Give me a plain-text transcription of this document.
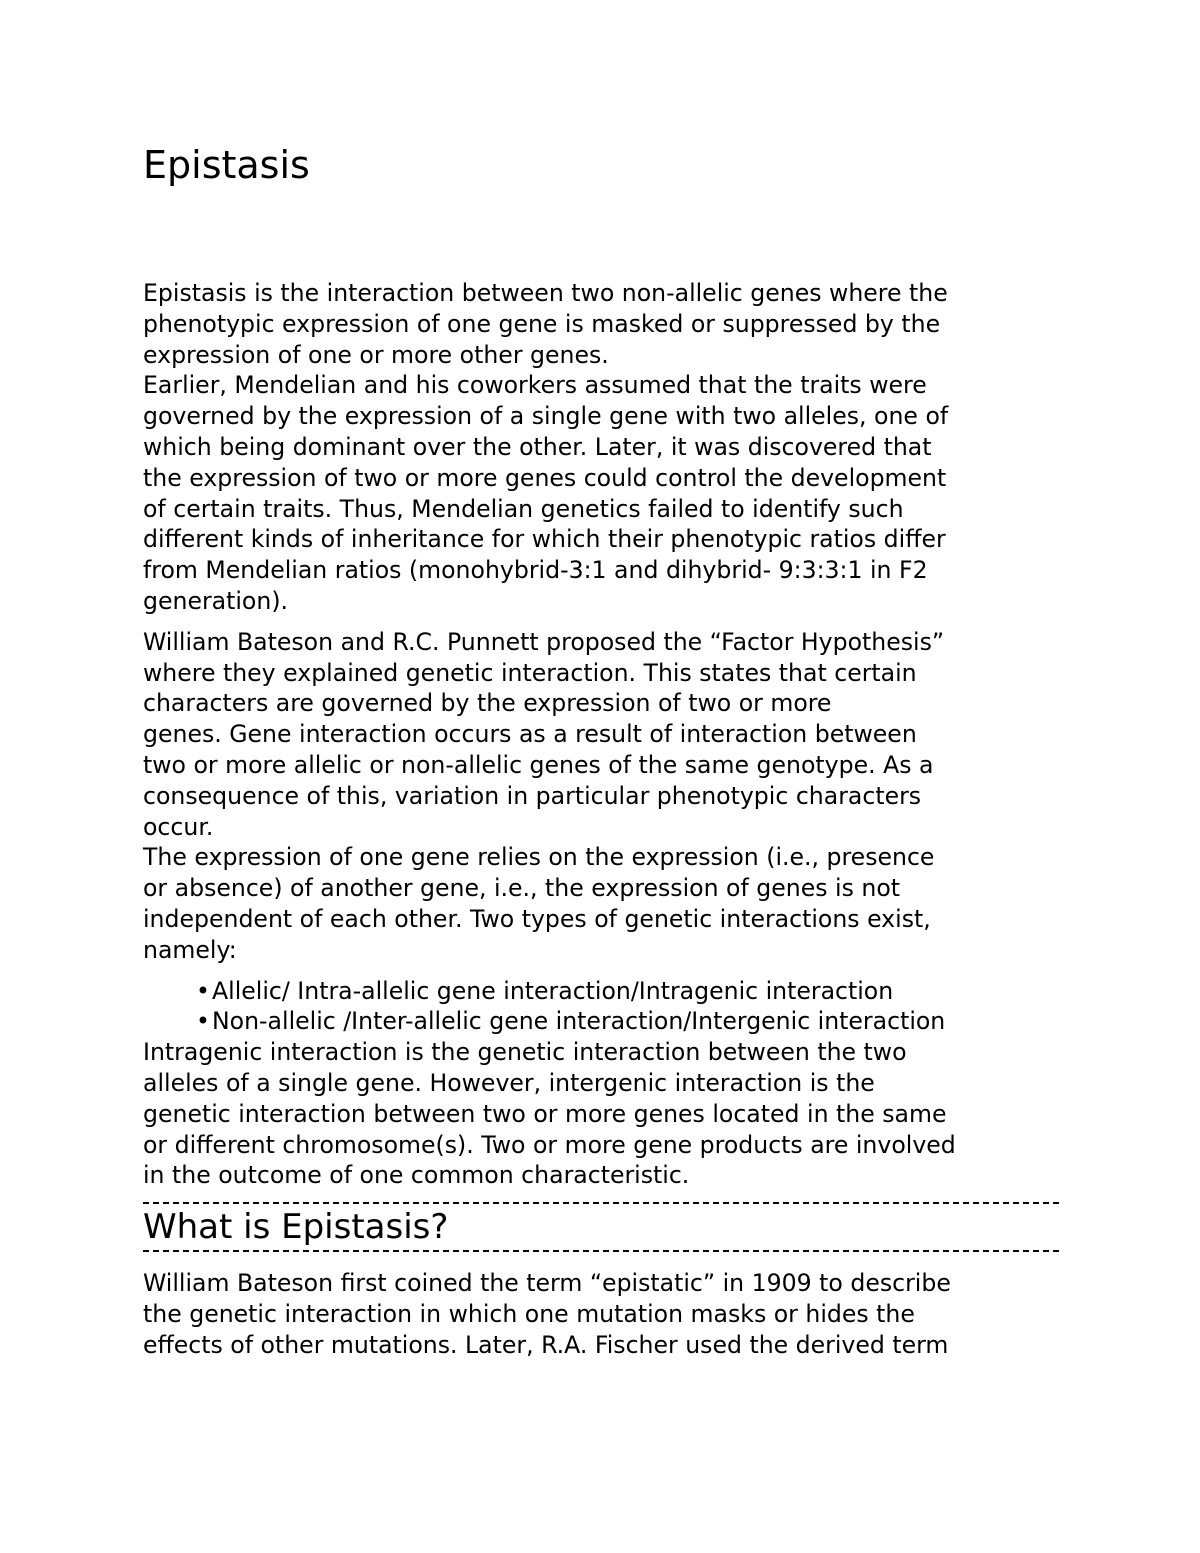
Epistasis
Epistasis is the interaction between two non-allelic genes where the
phenotypic expression of one gene is masked or suppressed by the
expression of one or more other genes.
Earlier, Mendelian and his coworkers assumed that the traits were
governed by the expression of a single gene with two alleles, one of
which being dominant over the other. Later, it was discovered that
the expression of two or more genes could control the development
of certain traits. Thus, Mendelian genetics failed to identify such
different kinds of inheritance for which their phenotypic ratios differ
from Mendelian ratios (monohybrid-3:1 and dihybrid- 9:3:3:1 in F2
generation).
William Bateson and R.C. Punnett proposed the “Factor Hypothesis”
where they explained genetic interaction. This states that certain
characters are governed by the expression of two or more
genes. Gene interaction occurs as a result of interaction between
two or more allelic or non-allelic genes of the same genotype. As a
consequence of this, variation in particular phenotypic characters
occur.
The expression of one gene relies on the expression (i.e., presence
or absence) of another gene, i.e., the expression of genes is not
independent of each other. Two types of genetic interactions exist,
namely:
•Allelic/ Intra-allelic gene interaction/Intragenic interaction
•Non-allelic /Inter-allelic gene interaction/Intergenic interaction
Intragenic interaction is the genetic interaction between the two
alleles of a single gene. However, intergenic interaction is the
genetic interaction between two or more genes located in the same
or different chromosome(s). Two or more gene products are involved
in the outcome of one common characteristic.
What is Epistasis?
William Bateson first coined the term “epistatic” in 1909 to describe
the genetic interaction in which one mutation masks or hides the
effects of other mutations. Later, R.A. Fischer used the derived term
